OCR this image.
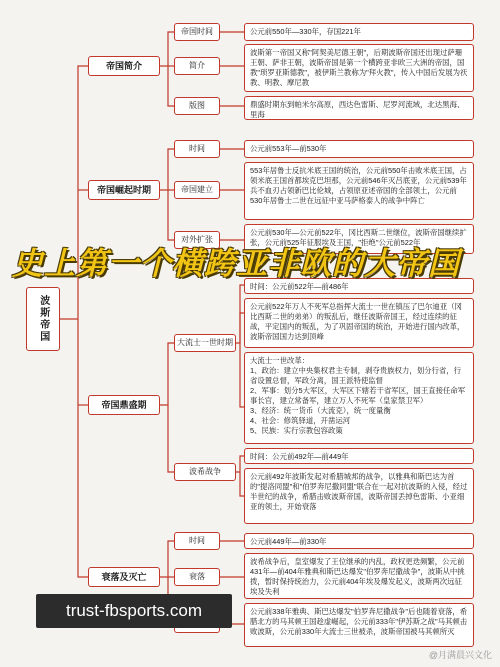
波斯帝国
帝国简介
帝国时间	公元前550年—330年，存国221年
简介
波斯第一帝国又称"阿契美尼德王朝"，后期波斯帝国还出现过萨珊王朝、萨非王朝，波斯帝国是第一个横跨亚非欧三大洲的帝国，国教"琐罗亚斯德教"，被伊斯兰教称为"拜火教"，传入中国后发展为祆教、明教、摩尼教
版图	鼎盛时期东到帕米尔高原，西达色雷斯、尼罗河流域，北达黑海、里海
帝国崛起时期
时间	公元前553年—前530年
帝国建立
553年居鲁士反抗米底王国的统治，公元前550年击败米底王国，占领米底王国首都埃克巴坦那，公元前546年灭吕底亚，公元前539年兵不血刃占领新巴比伦城，占领原亚述帝国的全部领土，公元前530年居鲁士二世在远征中亚马萨格泰人的战争中阵亡
对外扩张
公元前530年—公元前522年，冈比西斯二世继位，波斯帝国继续扩张，公元前525年征服埃及王国，"拒绝"公元前522年
帝国鼎盛期
大流士一世时期
时间：公元前522年—前486年
公元前522年万人不死军总指挥大流士一世在镇压了巴尔迪亚（冈比西斯二世的弟弟）的叛乱后，继任波斯帝国王，经过连续的征战，平定国内的叛乱，为了巩固帝国的统治，开始进行国内改革，波斯帝国国力达到顶峰
大流士一世改革：
1、政治：建立中央集权君主专制，剥夺贵族权力，划分行省，行省设置总督，军政分离，国王派特使监督
2、军事：划分5大军区，大军区下辖若干省军区，国王直接任命军事长官，建立常备军，建立万人不死军（皇家禁卫军）
3、经济：统一货币（大流克），统一度量衡
4、社会：修筑驿道，开凿运河
5、民族：实行宗教包容政策
波希战争
时间：公元前492年—前449年
公元前492年波斯发起对希腊城邦的战争，以雅典和斯巴达为首的"提洛同盟"和"伯罗奔尼撒同盟"联合在一起对抗波斯的入侵，经过半世纪的战争，希腊击败波斯帝国，波斯帝国丢掉色雷斯、小亚细亚的领土，开始衰落
衰落及灭亡
时间	公元前449年—前330年
衰落
波希战争后，皇室爆发了王位继承的内乱，政权更迭频繁，公元前431年—前404年雅典和斯巴达爆发"伯罗奔尼撒战争"，波斯从中挑拨，暂时保持统治力，公元前404年埃及爆发起义，波斯两次远征埃及失利
公元前338年雅典、斯巴达爆发"伯罗奔尼撒战争"后也随着衰落，希腊北方的马其顿王国趁虚崛起，公元前333年"伊苏斯之战"马其顿击败波斯，公元前330年大流士三世被杀，波斯帝国被马其顿所灭
史上第一个横跨亚非欧的大帝国
trust-fbsports.com
@月满晨兴文化
